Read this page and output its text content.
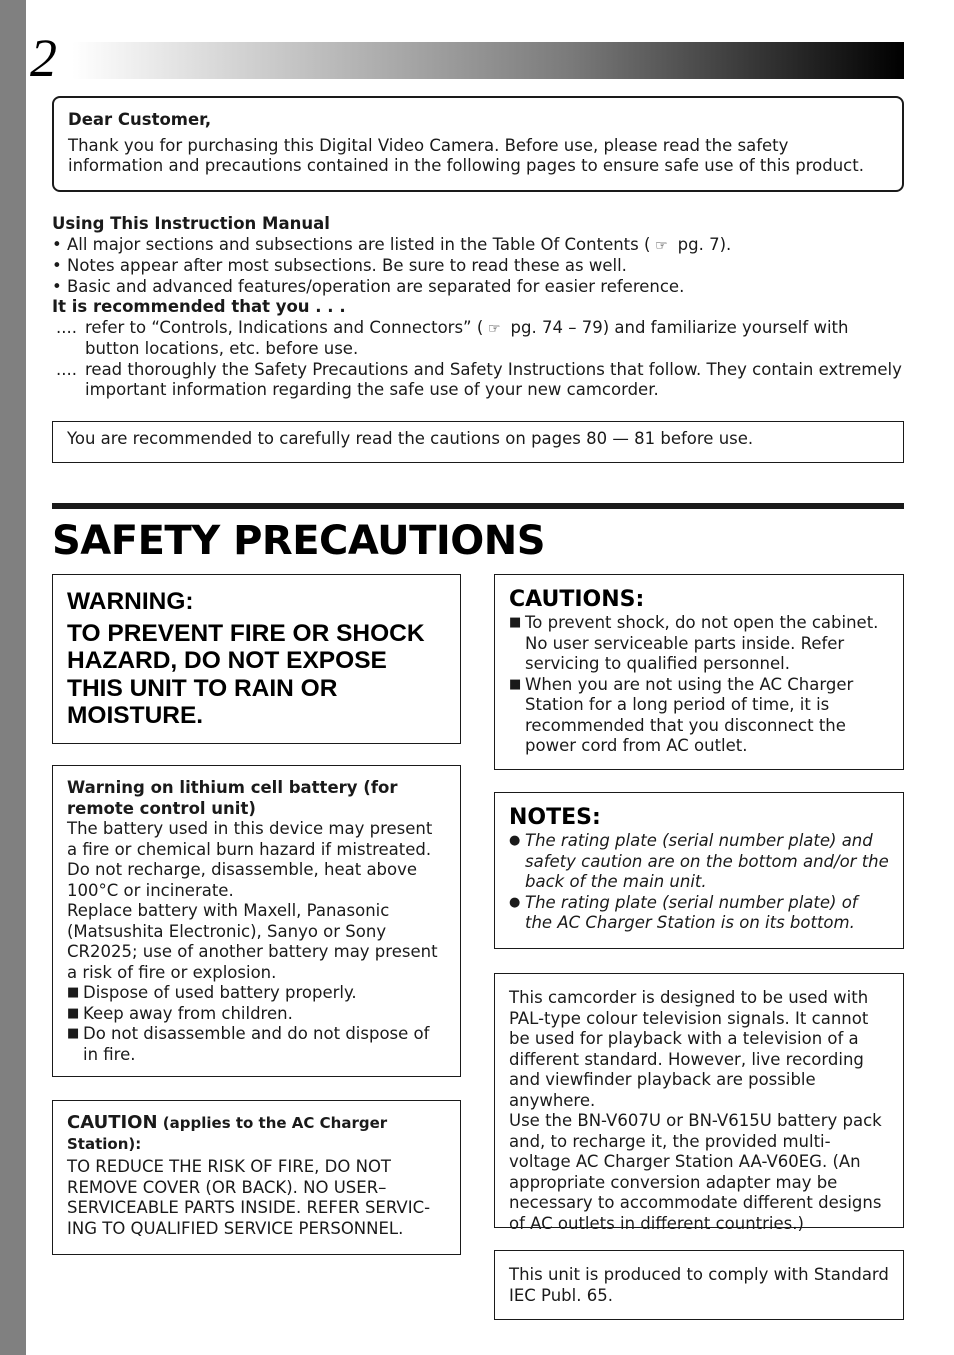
2

Dear Customer,

Thank you for purchasing this Digital Video Camera. Before use, please read the safety information and precautions contained in the following pages to ensure safe use of this product.

Using This Instruction Manual

• All major sections and subsections are listed in the Table Of Contents ( ☞ pg. 7).
• Notes appear after most subsections. Be sure to read these as well.
• Basic and advanced features/operation are separated for easier reference.

It is recommended that you . . .

.... refer to “Controls, Indications and Connectors” ( ☞ pg. 74 – 79) and familiarize yourself with button locations, etc. before use.
.... read thoroughly the Safety Precautions and Safety Instructions that follow. They contain extremely important information regarding the safe use of your new camcorder.

You are recommended to carefully read the cautions on pages 80 — 81 before use.

SAFETY PRECAUTIONS

WARNING:

TO PREVENT FIRE OR SHOCK HAZARD, DO NOT EXPOSE THIS UNIT TO RAIN OR MOISTURE.

Warning on lithium cell battery (for remote control unit)

The battery used in this device may present a fire or chemical burn hazard if mistreated. Do not recharge, disassemble, heat above 100°C or incinerate.

Replace battery with Maxell, Panasonic (Matsushita Electronic), Sanyo or Sony CR2025; use of another battery may present a risk of fire or explosion.

■ Dispose of used battery properly.
■ Keep away from children.
■ Do not disassemble and do not dispose of in fire.

CAUTION (applies to the AC Charger Station):

TO REDUCE THE RISK OF FIRE, DO NOT REMOVE COVER (OR BACK). NO USER– SERVICEABLE PARTS INSIDE. REFER SERVIC- ING TO QUALIFIED SERVICE PERSONNEL.

CAUTIONS:

■ To prevent shock, do not open the cabinet. No user serviceable parts inside. Refer servicing to qualified personnel.
■ When you are not using the AC Charger Station for a long period of time, it is recommended that you disconnect the power cord from AC outlet.

NOTES:

● The rating plate (serial number plate) and safety caution are on the bottom and/or the back of the main unit.
● The rating plate (serial number plate) of the AC Charger Station is on its bottom.

This camcorder is designed to be used with PAL-type colour television signals. It cannot be used for playback with a television of a different standard. However, live recording and viewfinder playback are possible anywhere.

Use the BN-V607U or BN-V615U battery pack and, to recharge it, the provided multi-voltage AC Charger Station AA-V60EG. (An appropriate conversion adapter may be necessary to accommodate different designs of AC outlets in different countries.)

This unit is produced to comply with Standard IEC Publ. 65.
